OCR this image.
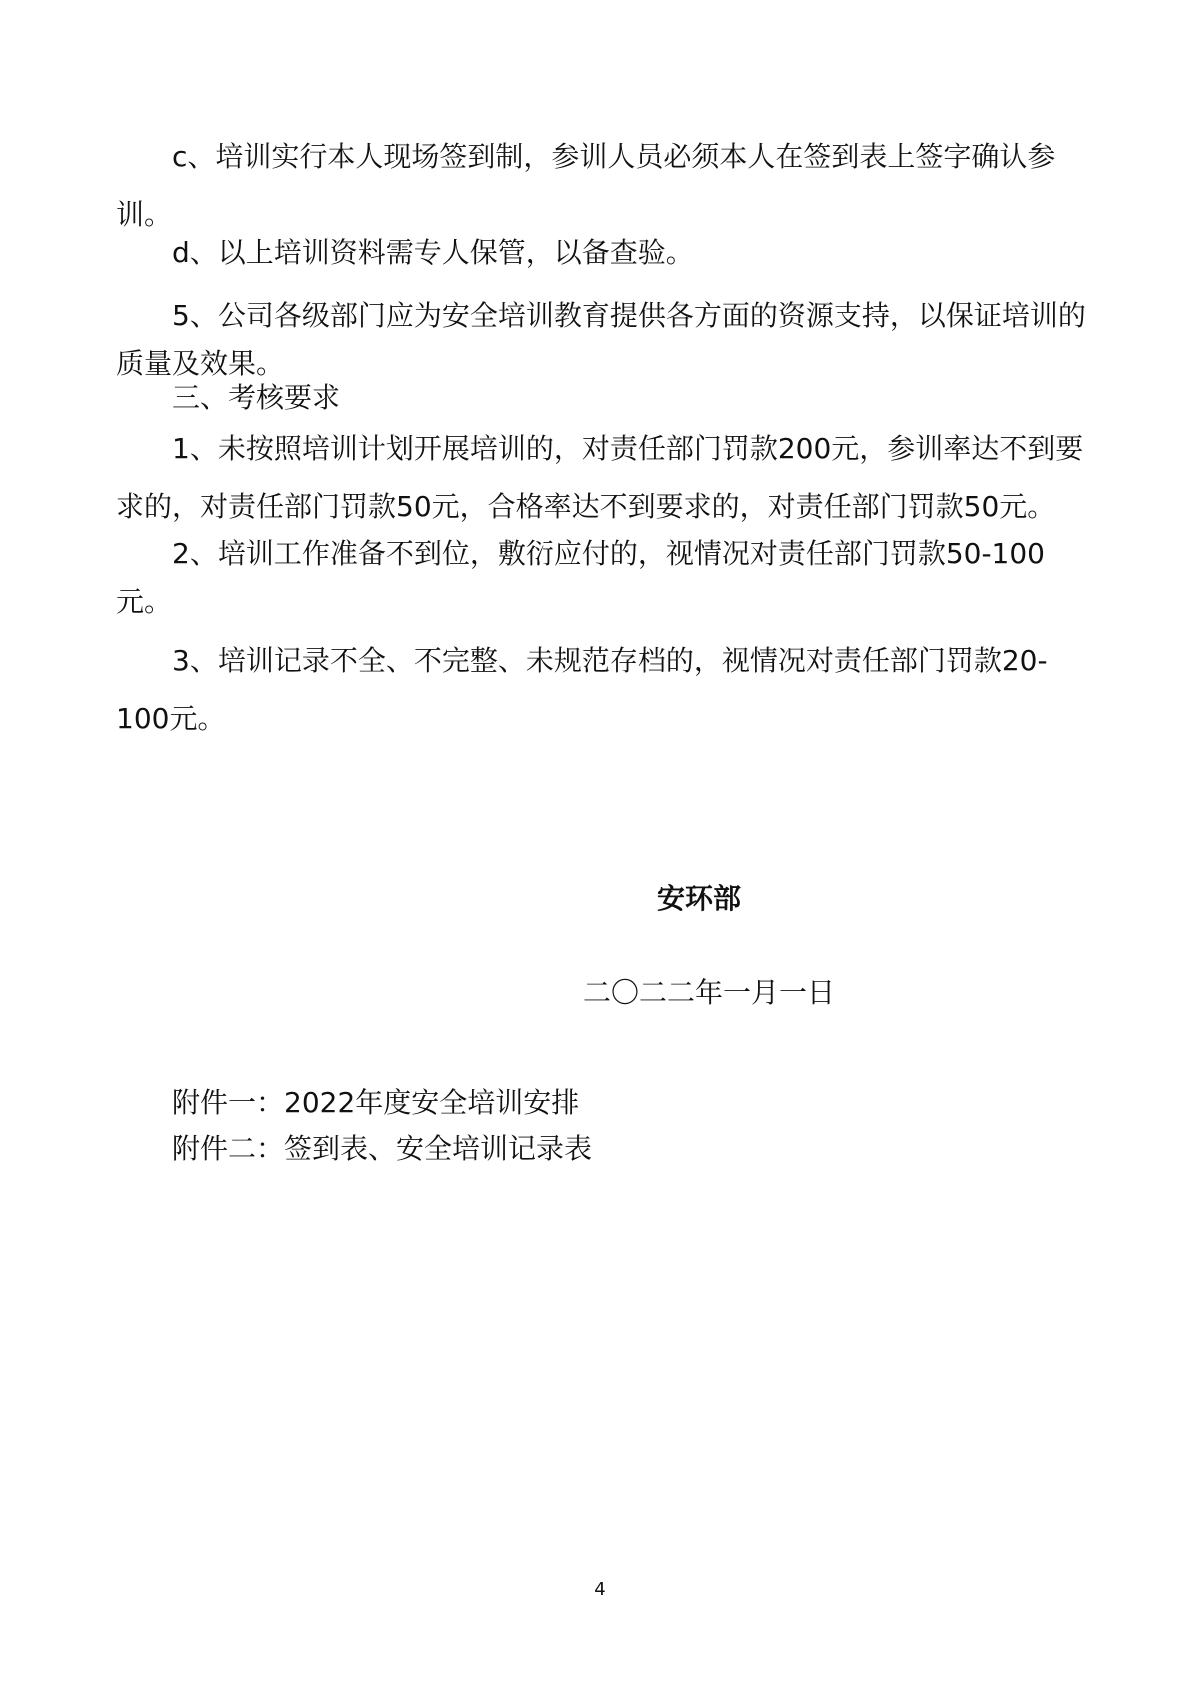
c、培训实行本人现场签到制，参训人员必须本人在签到表上签字确认参训。

d、以上培训资料需专人保管，以备查验。

5、公司各级部门应为安全培训教育提供各方面的资源支持，以保证培训的质量及效果。

三、考核要求

1、未按照培训计划开展培训的，对责任部门罚款200元，参训率达不到要求的，对责任部门罚款50元，合格率达不到要求的，对责任部门罚款50元。

2、培训工作准备不到位，敷衍应付的，视情况对责任部门罚款50-100元。

3、培训记录不全、不完整、未规范存档的，视情况对责任部门罚款20-100元。

安环部

二〇二二年一月一日

附件一：2022年度安全培训安排

附件二：签到表、安全培训记录表

4
